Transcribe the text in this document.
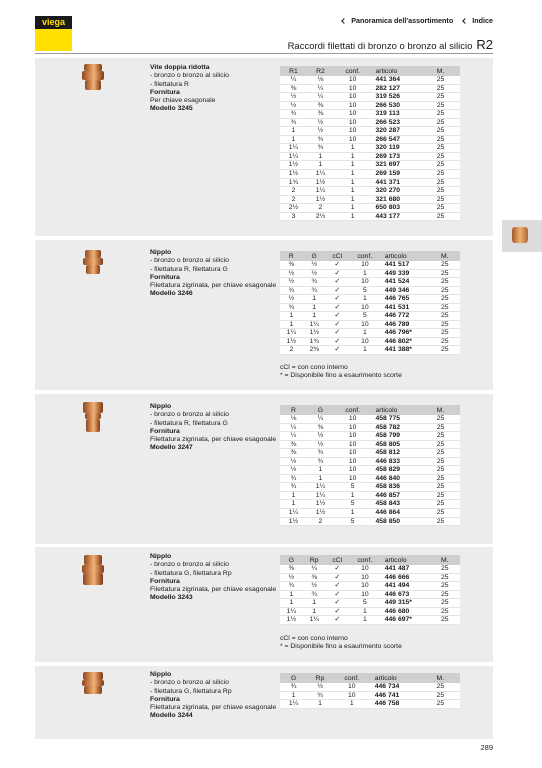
viega	Panoramica dell'assortimento	Indice
Raccordi filettati di bronzo o bronzo al silicio R2
Vite doppia ridotta
- bronzo o bronzo al silicio
- filettatura R
Fornitura
Per chiave esagonale
Modello 3245
R1	R2	conf.	articolo	M.
¼	⅛	10	441 364	25
⅜	¼	10	282 127	25
½	¼	10	319 526	25
½	⅜	10	266 530	25
¾	⅜	10	319 113	25
¾	½	10	266 523	25
1	½	10	320 287	25
1	¾	10	266 547	25
1¼	¾	1	320 119	25
1¼	1	1	269 173	25
1½	1	1	321 697	25
1½	1¼	1	269 159	25
1¾	1½	1	441 371	25
2	1¼	1	320 270	25
2	1½	1	321 680	25
2½	2	1	650 803	25
3	2½	1	443 177	25
Nipplo
- bronzo o bronzo al silicio
- filettatura R, filettatura G
Fornitura
Filettatura zigrinata, per chiave esagonale
Modello 3246
R	G	cCl	conf.	articolo	M.
⅜	½	✓	10	441 517	25
½	½	✓	1	449 339	25
½	¾	✓	10	441 524	25
¾	¾	✓	5	449 346	25
½	1	✓	1	446 765	25
¾	1	✓	10	441 531	25
1	1	✓	5	446 772	25
1	1¼	✓	10	446 789	25
1¼	1½	✓	1	446 796*	25
1½	1¾	✓	10	446 802*	25
2	2⅜	✓	1	441 388*	25
cCl = con cono interno
* = Disponibile fino a esaurimento scorte
Nipplo
- bronzo o bronzo al silicio
- filettatura R, filettatura G
Fornitura
Filettatura zigrinata, per chiave esagonale
Modello 3247
R	G	conf.	articolo	M.
⅛	¼	10	458 775	25
¼	⅜	10	458 782	25
¼	½	10	458 799	25
⅜	½	10	458 805	25
⅜	¾	10	458 812	25
½	¾	10	446 833	25
½	1	10	458 829	25
¾	1	10	446 840	25
¾	1¼	5	458 836	25
1	1¼	1	446 857	25
1	1½	5	458 843	25
1¼	1½	1	446 864	25
1½	2	5	458 850	25
Nipplo
- bronzo o bronzo al silicio
- filettatura G, filettatura Rp
Fornitura
Filettatura zigrinata, per chiave esagonale
Modello 3243
G	Rp	cCl	conf.	articolo	M.
⅜	¼	✓	10	441 487	25
½	⅜	✓	10	446 666	25
¾	½	✓	10	441 494	25
1	¾	✓	10	446 673	25
1	1	✓	5	449 315*	25
1¼	1	✓	1	446 680	25
1½	1¼	✓	1	446 697*	25
cCl = con cono interno
* = Disponibile fino a esaurimento scorte
Nipplo
- bronzo o bronzo al silicio
- filettatura G, filettatura Rp
Fornitura
Filettatura zigrinata, per chiave esagonale
Modello 3244
G	Rp	conf.	articolo	M.
¾	½	10	446 734	25
1	¾	10	446 741	25
1¼	1	1	446 758	25
289
